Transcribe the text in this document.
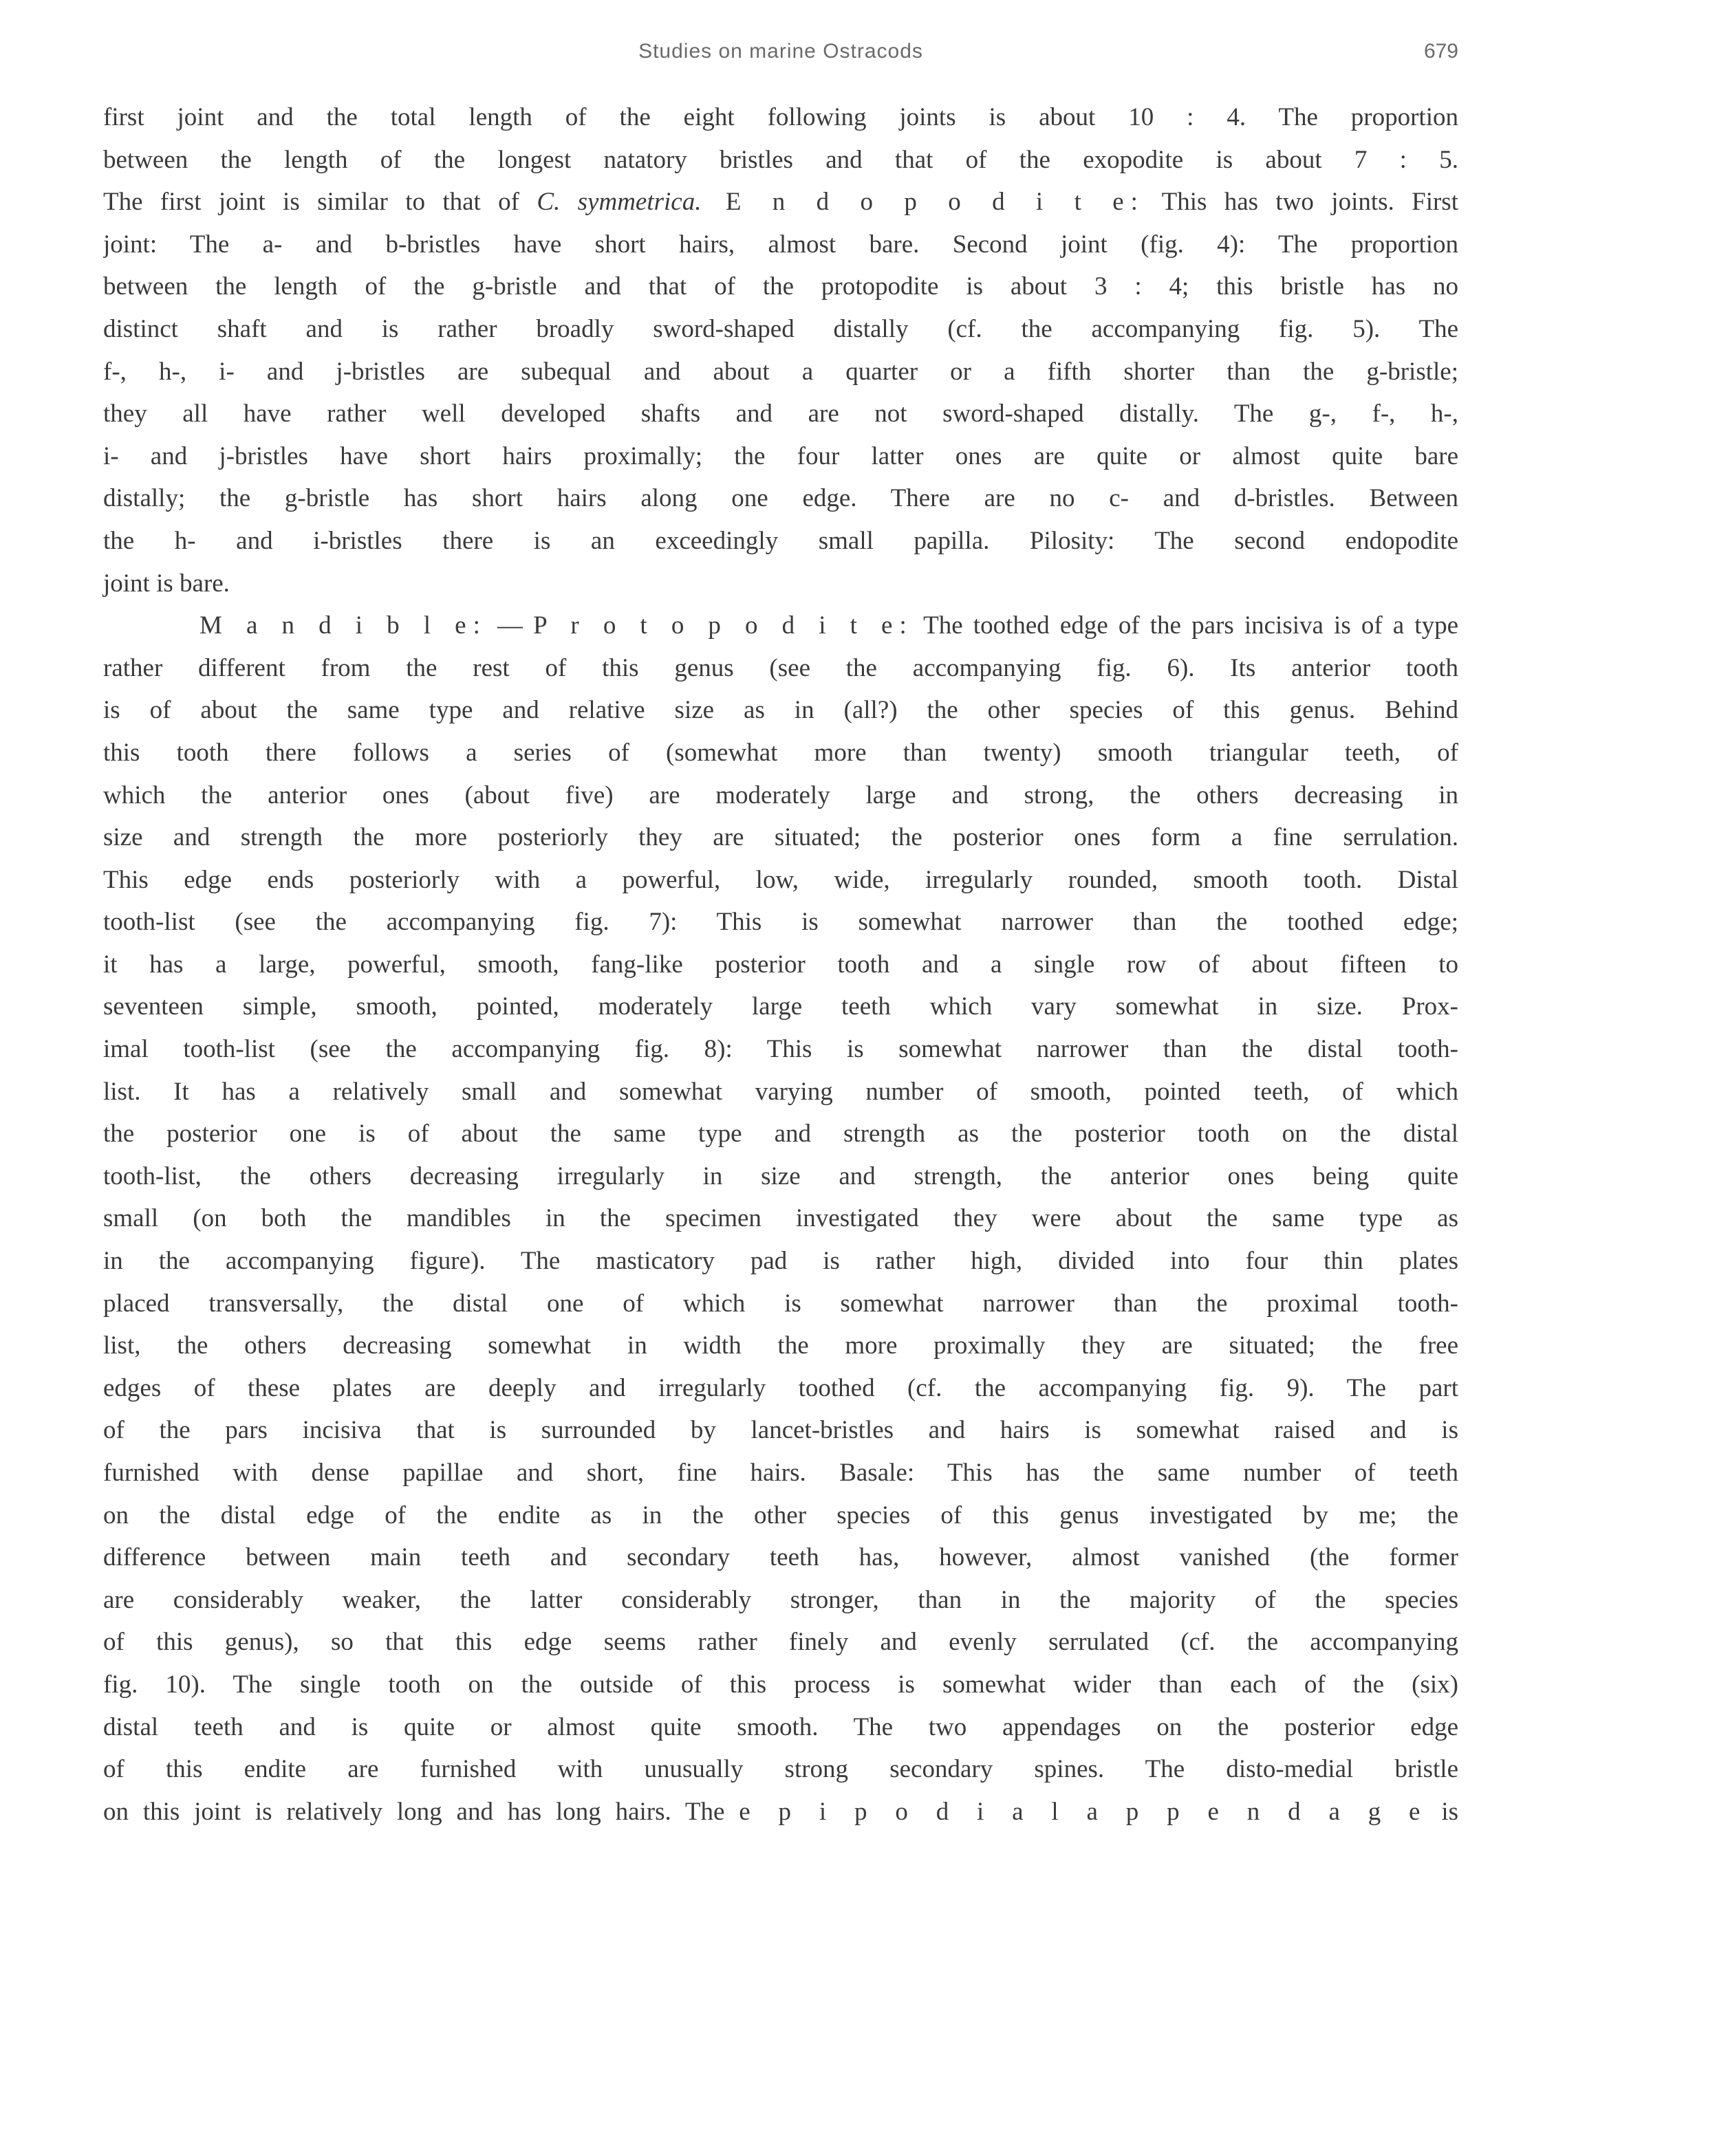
Studies on marine Ostracods	679
first joint and the total length of the eight following joints is about 10 : 4. The proportion
between the length of the longest natatory bristles and that of the exopodite is about 7 : 5.
The first joint is similar to that of C. symmetrica. E n d o p o d i t e: This has two joints. First
joint: The a- and b-bristles have short hairs, almost bare. Second joint (fig. 4): The proportion
between the length of the g-bristle and that of the protopodite is about 3 : 4; this bristle has no
distinct shaft and is rather broadly sword-shaped distally (cf. the accompanying fig. 5). The
f-, h-, i- and j-bristles are subequal and about a quarter or a fifth shorter than the g-bristle;
they all have rather well developed shafts and are not sword-shaped distally. The g-, f-, h-,
i- and j-bristles have short hairs proximally; the four latter ones are quite or almost quite bare
distally; the g-bristle has short hairs along one edge. There are no c- and d-bristles. Between
the h- and i-bristles there is an exceedingly small papilla. Pilosity: The second endopodite
joint is bare.
M a n d i b l e: — P r o t o p o d i t e: The toothed edge of the pars incisiva is of a type
rather different from the rest of this genus (see the accompanying fig. 6). Its anterior tooth
is of about the same type and relative size as in (all?) the other species of this genus. Behind
this tooth there follows a series of (somewhat more than twenty) smooth triangular teeth, of
which the anterior ones (about five) are moderately large and strong, the others decreasing in
size and strength the more posteriorly they are situated; the posterior ones form a fine serrulation.
This edge ends posteriorly with a powerful, low, wide, irregularly rounded, smooth tooth. Distal
tooth-list (see the accompanying fig. 7): This is somewhat narrower than the toothed edge;
it has a large, powerful, smooth, fang-like posterior tooth and a single row of about fifteen to
seventeen simple, smooth, pointed, moderately large teeth which vary somewhat in size. Prox-
imal tooth-list (see the accompanying fig. 8): This is somewhat narrower than the distal tooth-
list. It has a relatively small and somewhat varying number of smooth, pointed teeth, of which
the posterior one is of about the same type and strength as the posterior tooth on the distal
tooth-list, the others decreasing irregularly in size and strength, the anterior ones being quite
small (on both the mandibles in the specimen investigated they were about the same type as
in the accompanying figure). The masticatory pad is rather high, divided into four thin plates
placed transversally, the distal one of which is somewhat narrower than the proximal tooth-
list, the others decreasing somewhat in width the more proximally they are situated; the free
edges of these plates are deeply and irregularly toothed (cf. the accompanying fig. 9). The part
of the pars incisiva that is surrounded by lancet-bristles and hairs is somewhat raised and is
furnished with dense papillae and short, fine hairs. Basale: This has the same number of teeth
on the distal edge of the endite as in the other species of this genus investigated by me; the
difference between main teeth and secondary teeth has, however, almost vanished (the former
are considerably weaker, the latter considerably stronger, than in the majority of the species
of this genus), so that this edge seems rather finely and evenly serrulated (cf. the accompanying
fig. 10). The single tooth on the outside of this process is somewhat wider than each of the (six)
distal teeth and is quite or almost quite smooth. The two appendages on the posterior edge
of this endite are furnished with unusually strong secondary spines. The disto-medial bristle
on this joint is relatively long and has long hairs. The e p i p o d i a l a p p e n d a g e is
